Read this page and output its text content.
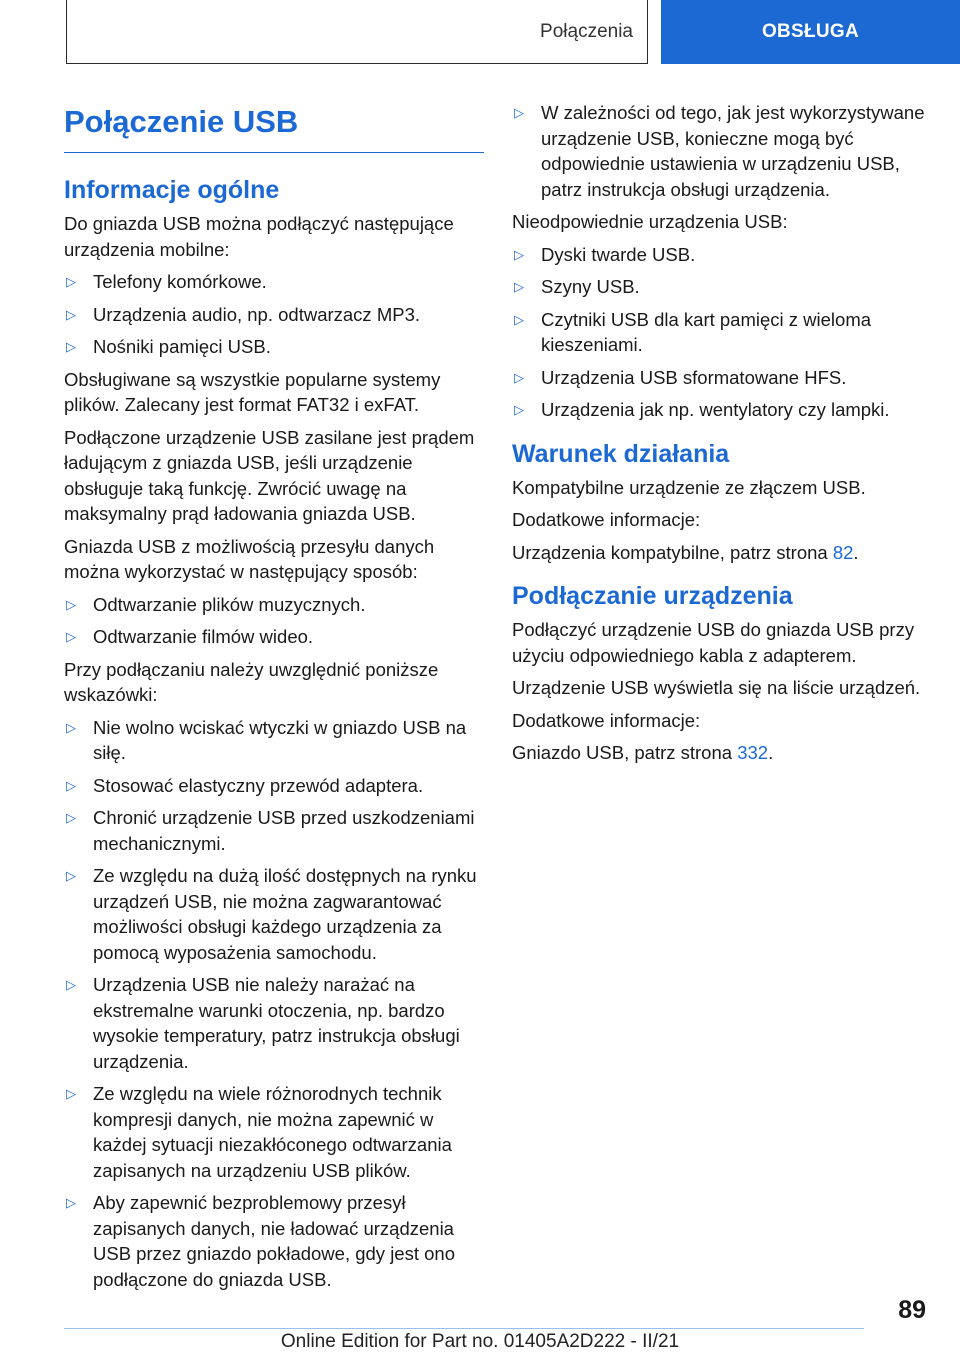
Połączenia	OBSŁUGA
Połączenie USB
Informacje ogólne

Do gniazda USB można podłączyć następujące urządzenia mobilne:

▷ Telefony komórkowe.
▷ Urządzenia audio, np. odtwarzacz MP3.
▷ Nośniki pamięci USB.

Obsługiwane są wszystkie popularne systemy plików. Zalecany jest format FAT32 i exFAT.

Podłączone urządzenie USB zasilane jest prądem ładującym z gniazda USB, jeśli urządzenie obsługuje taką funkcję. Zwrócić uwagę na maksymalny prąd ładowania gniazda USB.

Gniazda USB z możliwością przesyłu danych można wykorzystać w następujący sposób:

▷ Odtwarzanie plików muzycznych.
▷ Odtwarzanie filmów wideo.

Przy podłączaniu należy uwzględnić poniższe wskazówki:

▷ Nie wolno wciskać wtyczki w gniazdo USB na siłę.
▷ Stosować elastyczny przewód adaptera.
▷ Chronić urządzenie USB przed uszkodzeniami mechanicznymi.
▷ Ze względu na dużą ilość dostępnych na rynku urządzeń USB, nie można zagwarantować możliwości obsługi każdego urządzenia za pomocą wyposażenia samochodu.
▷ Urządzenia USB nie należy narażać na ekstremalne warunki otoczenia, np. bardzo wysokie temperatury, patrz instrukcja obsługi urządzenia.
▷ Ze względu na wiele różnorodnych technik kompresji danych, nie można zapewnić w każdej sytuacji niezakłóconego odtwarzania zapisanych na urządzeniu USB plików.
▷ Aby zapewnić bezproblemowy przesył zapisanych danych, nie ładować urządzenia USB przez gniazdo pokładowe, gdy jest ono podłączone do gniazda USB.
▷ W zależności od tego, jak jest wykorzystywane urządzenie USB, konieczne mogą być odpowiednie ustawienia w urządzeniu USB, patrz instrukcja obsługi urządzenia.

Nieodpowiednie urządzenia USB:

▷ Dyski twarde USB.
▷ Szyny USB.
▷ Czytniki USB dla kart pamięci z wieloma kieszeniami.
▷ Urządzenia USB sformatowane HFS.
▷ Urządzenia jak np. wentylatory czy lampki.
Warunek działania

Kompatybilne urządzenie ze złączem USB.

Dodatkowe informacje:

Urządzenia kompatybilne, patrz strona 82.

Podłączanie urządzenia

Podłączyć urządzenie USB do gniazda USB przy użyciu odpowiedniego kabla z adapterem.

Urządzenie USB wyświetla się na liście urządzeń.

Dodatkowe informacje:

Gniazdo USB, patrz strona 332.

89
Online Edition for Part no. 01405A2D222 - II/21
